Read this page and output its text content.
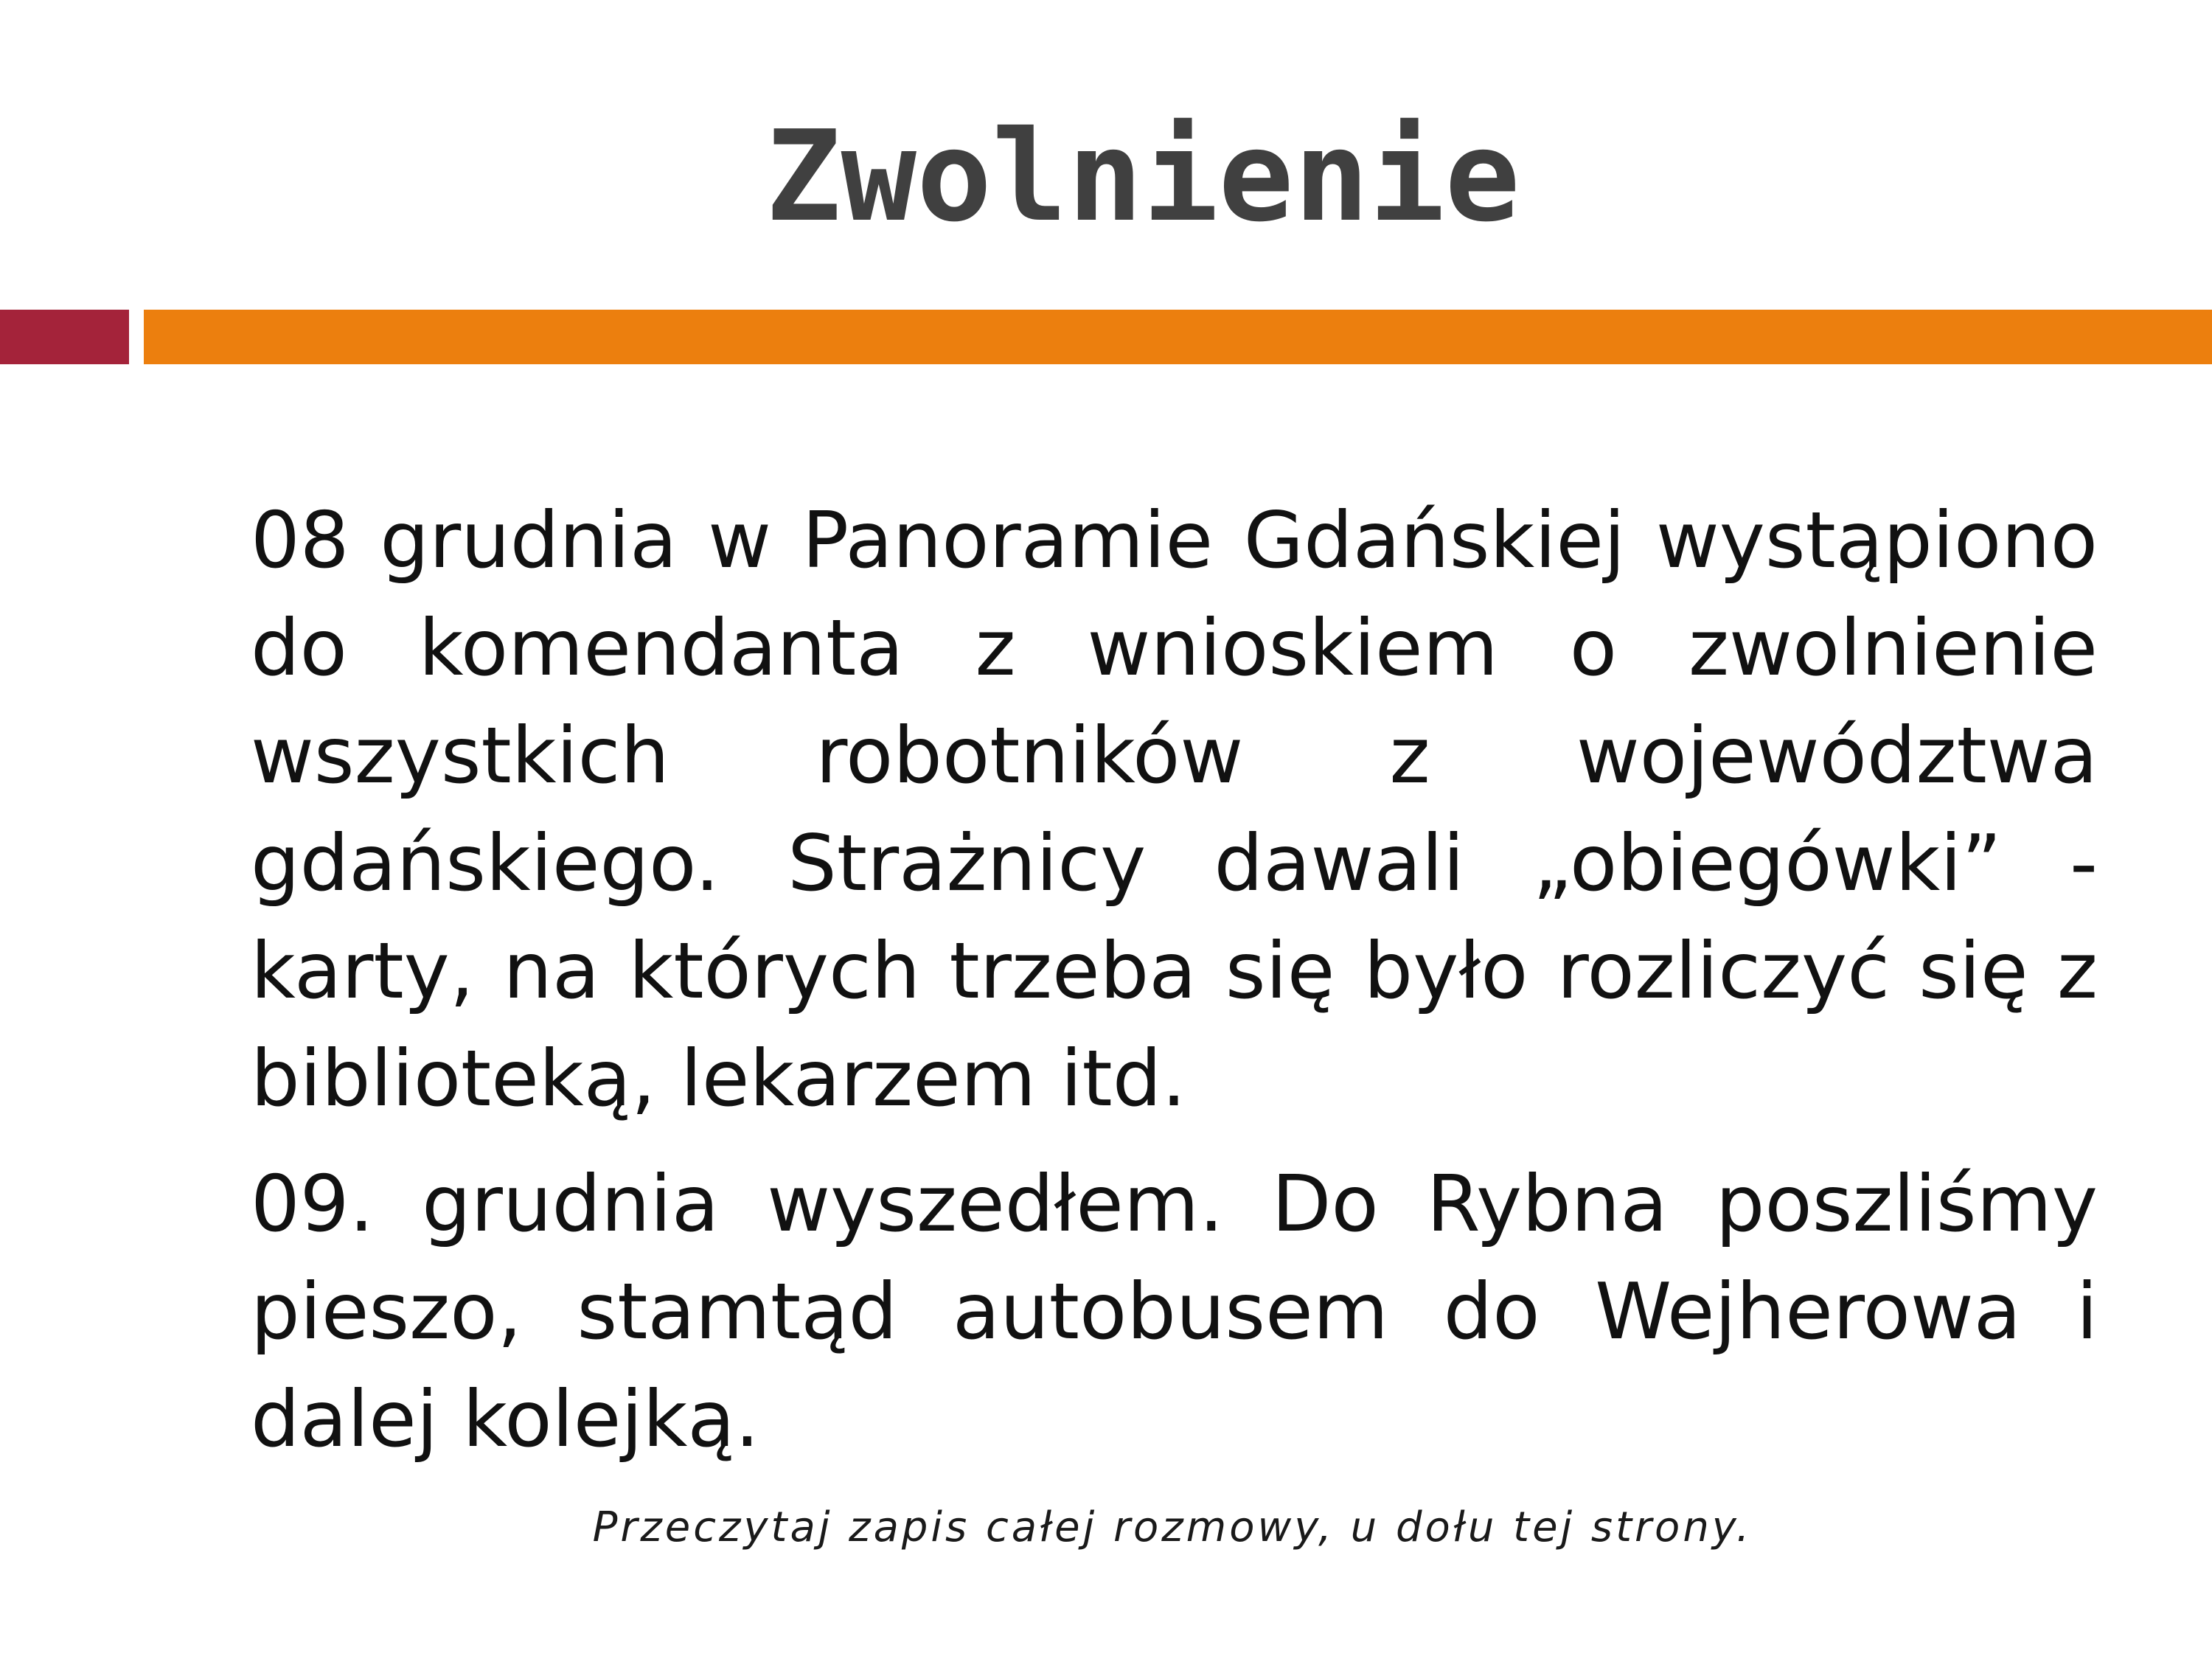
Zwolnienie

08 grudnia w Panoramie Gdańskiej wystąpiono do komendanta z wnioskiem o zwolnienie wszystkich robotników z województwa gdańskiego. Strażnicy dawali „obiegówki” - karty, na których trzeba się było rozliczyć się z biblioteką, lekarzem itd.

09. grudnia wyszedłem. Do Rybna poszliśmy pieszo, stamtąd autobusem do Wejherowa i dalej kolejką.

Przeczytaj zapis całej rozmowy, u dołu tej strony.
